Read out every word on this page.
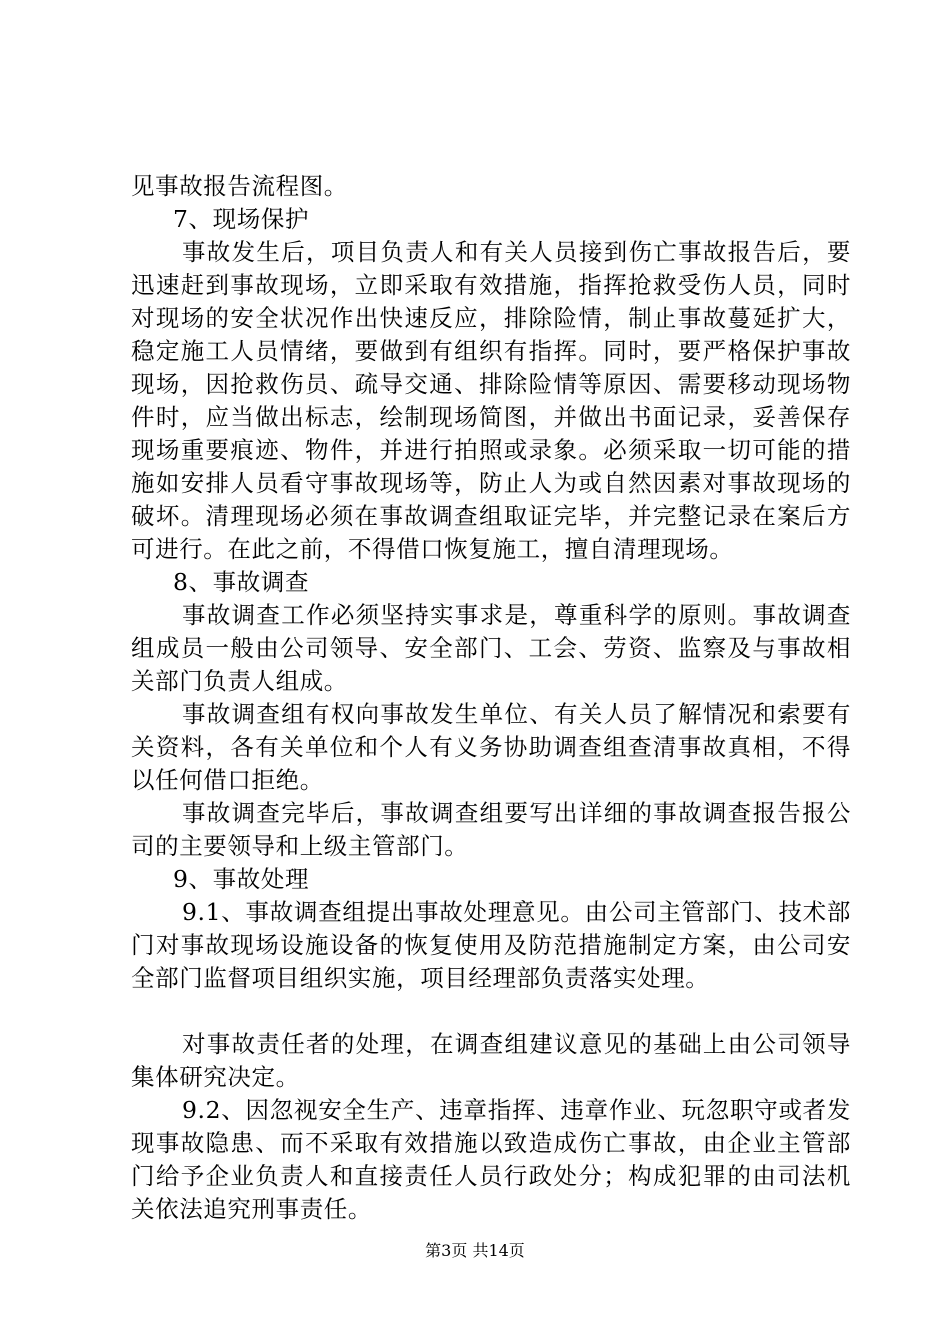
见事故报告流程图。

7、现场保护

事故发生后，项目负责人和有关人员接到伤亡事故报告后，要迅速赶到事故现场，立即采取有效措施，指挥抢救受伤人员，同时对现场的安全状况作出快速反应，排除险情，制止事故蔓延扩大，稳定施工人员情绪，要做到有组织有指挥。同时，要严格保护事故现场，因抢救伤员、疏导交通、排除险情等原因、需要移动现场物件时，应当做出标志，绘制现场简图，并做出书面记录，妥善保存现场重要痕迹、物件，并进行拍照或录象。必须采取一切可能的措施如安排人员看守事故现场等，防止人为或自然因素对事故现场的破坏。清理现场必须在事故调查组取证完毕，并完整记录在案后方可进行。在此之前，不得借口恢复施工，擅自清理现场。

8、事故调查

事故调查工作必须坚持实事求是，尊重科学的原则。事故调查组成员一般由公司领导、安全部门、工会、劳资、监察及与事故相关部门负责人组成。

事故调查组有权向事故发生单位、有关人员了解情况和索要有关资料，各有关单位和个人有义务协助调查组查清事故真相，不得以任何借口拒绝。

事故调查完毕后，事故调查组要写出详细的事故调查报告报公司的主要领导和上级主管部门。

9、事故处理

9.1、事故调查组提出事故处理意见。由公司主管部门、技术部门对事故现场设施设备的恢复使用及防范措施制定方案，由公司安全部门监督项目组织实施，项目经理部负责落实处理。

对事故责任者的处理，在调查组建议意见的基础上由公司领导集体研究决定。

9.2、因忽视安全生产、违章指挥、违章作业、玩忽职守或者发现事故隐患、而不采取有效措施以致造成伤亡事故，由企业主管部门给予企业负责人和直接责任人员行政处分；构成犯罪的由司法机关依法追究刑事责任。

第3页 共14页
